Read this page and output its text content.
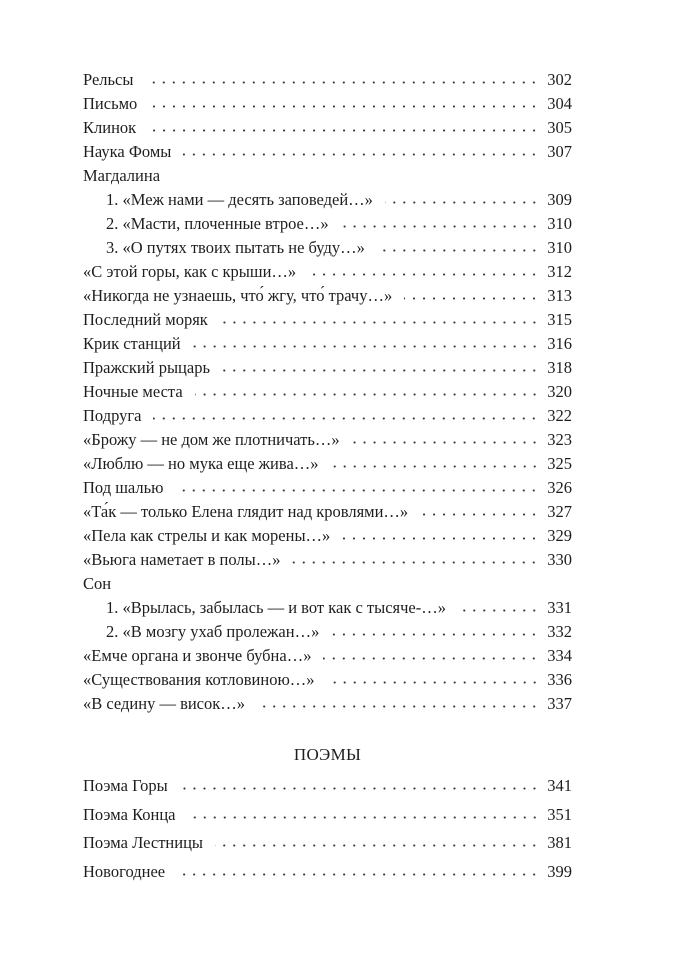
Рельсы	302
Письмо	304
Клинок	305
Наука Фомы	307
Магдалина
1. «Меж нами — десять заповедей…»	309
2. «Масти, плоченные втрое…»	310
3. «О путях твоих пытать не буду…»	310
«С этой горы, как с крыши…»	312
«Никогда не узнаешь, что́ жгу, что́ трачу…»	313
Последний моряк	315
Крик станций	316
Пражский рыцарь	318
Ночные места	320
Подруга	322
«Брожу — не дом же плотничать…»	323
«Люблю — но мука еще жива…»	325
Под шалью	326
«Та́к — только Елена глядит над кровлями…»	327
«Пела как стрелы и как морены…»	329
«Вьюга наметает в полы…»	330
Сон
1. «Врылась, забылась — и вот как с тысяче-…»	331
2. «В мозгу ухаб пролежан…»	332
«Емче органа и звонче бубна…»	334
«Существования котловиною…»	336
«В седину — висок…»	337
ПОЭМЫ
Поэма Горы	341
Поэма Конца	351
Поэма Лестницы	381
Новогоднее	399
